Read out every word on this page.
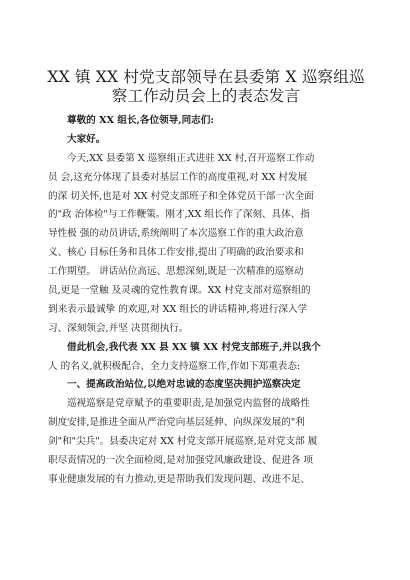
XX 镇 XX 村党支部领导在县委第 X 巡察组巡
察工作动员会上的表态发言
尊敬的 XX 组长,各位领导,同志们:
大家好。
今天,XX 县委第 X 巡察组正式进驻 XX 村,召开巡察工作动
员 会,这充分体现了县委对基层工作的高度重视,对 XX 村发展
的深 切关怀,也是对 XX 村党支部班子和全体党员干部一次全面
的"政 治体检"与工作鞭策。刚才,XX 组长作了深刻、具体、指
导性极 强的动员讲话,系统阐明了本次巡察工作的重大政治意
义、核心 目标任务和具体工作安排,提出了明确的政治要求和
工作期望。 讲话站位高远、思想深刻,既是一次精准的巡察动
员,更是一堂触 及灵魂的党性教育课。XX 村党支部对巡察组的
到来表示最诚挚 的欢迎,对 XX 组长的讲话精神,将进行深入学
习、深刻领会,并坚 决贯彻执行。
借此机会,我代表 XX 县 XX 镇 XX 村党支部班子,并以我个
人 的名义,就积极配合、全力支持巡察工作,作如下郑重表态:
一、提高政治站位,以绝对忠诚的态度坚决拥护巡察决定
巡视巡察是党章赋予的重要职责,是加强党内监督的战略性
制度安排,是推进全面从严治党向基层延伸、向纵深发展的"利
剑"和"尖兵"。县委决定对 XX 村党支部开展巡察,是对党支部 履
职尽责情况的一次全面检阅,是对加强党风廉政建设、促进各 项
事业健康发展的有力推动,更是帮助我们发现问题、改进不足、
